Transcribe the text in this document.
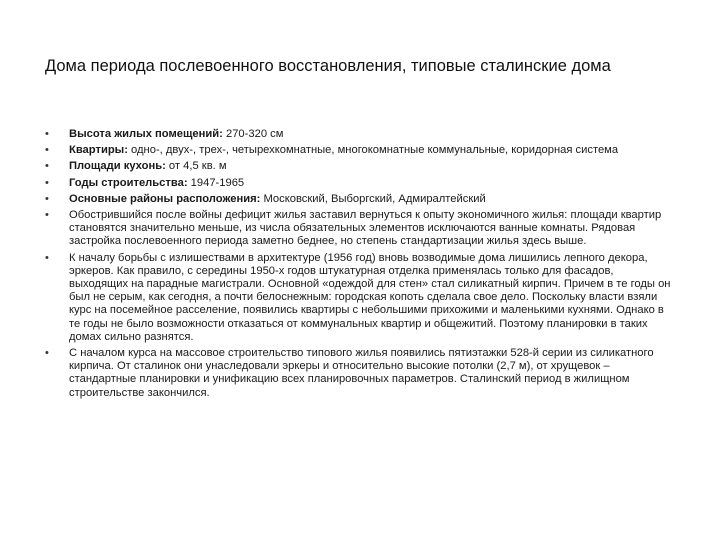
Дома периода послевоенного восстановления, типовые сталинские дома
•	Высота жилых помещений: 270-320 см
•	Квартиры: одно-, двух-, трех-, четырехкомнатные, многокомнатные коммунальные, коридорная система
•	Площади кухонь: от 4,5 кв. м
•	Годы строительства: 1947-1965
•	Основные районы расположения: Московский, Выборгский, Адмиралтейский
•	Обострившийся после войны дефицит жилья заставил вернуться к опыту экономичного жилья: площади квартир становятся значительно меньше, из числа обязательных элементов исключаются ванные комнаты. Рядовая застройка послевоенного периода заметно беднее, но степень стандартизации жилья здесь выше.
•	К началу борьбы с излишествами в архитектуре (1956 год) вновь возводимые дома лишились лепного декора, эркеров. Как правило, с середины 1950-х годов штукатурная отделка применялась только для фасадов, выходящих на парадные магистрали. Основной «одеждой для стен» стал силикатный кирпич. Причем в те годы он был не серым, как сегодня, а почти белоснежным: городская копоть сделала свое дело. Поскольку власти взяли курс на посемейное расселение, появились квартиры с небольшими прихожими и маленькими кухнями. Однако в те годы не было возможности отказаться от коммунальных квартир и общежитий. Поэтому планировки в таких домах сильно разнятся.
•	С началом курса на массовое строительство типового жилья появились пятиэтажки 528-й серии из силикатного кирпича. От сталинок они унаследовали эркеры и относительно высокие потолки (2,7 м), от хрущевок – стандартные планировки и унификацию всех планировочных параметров. Сталинский период в жилищном строительстве закончился.
